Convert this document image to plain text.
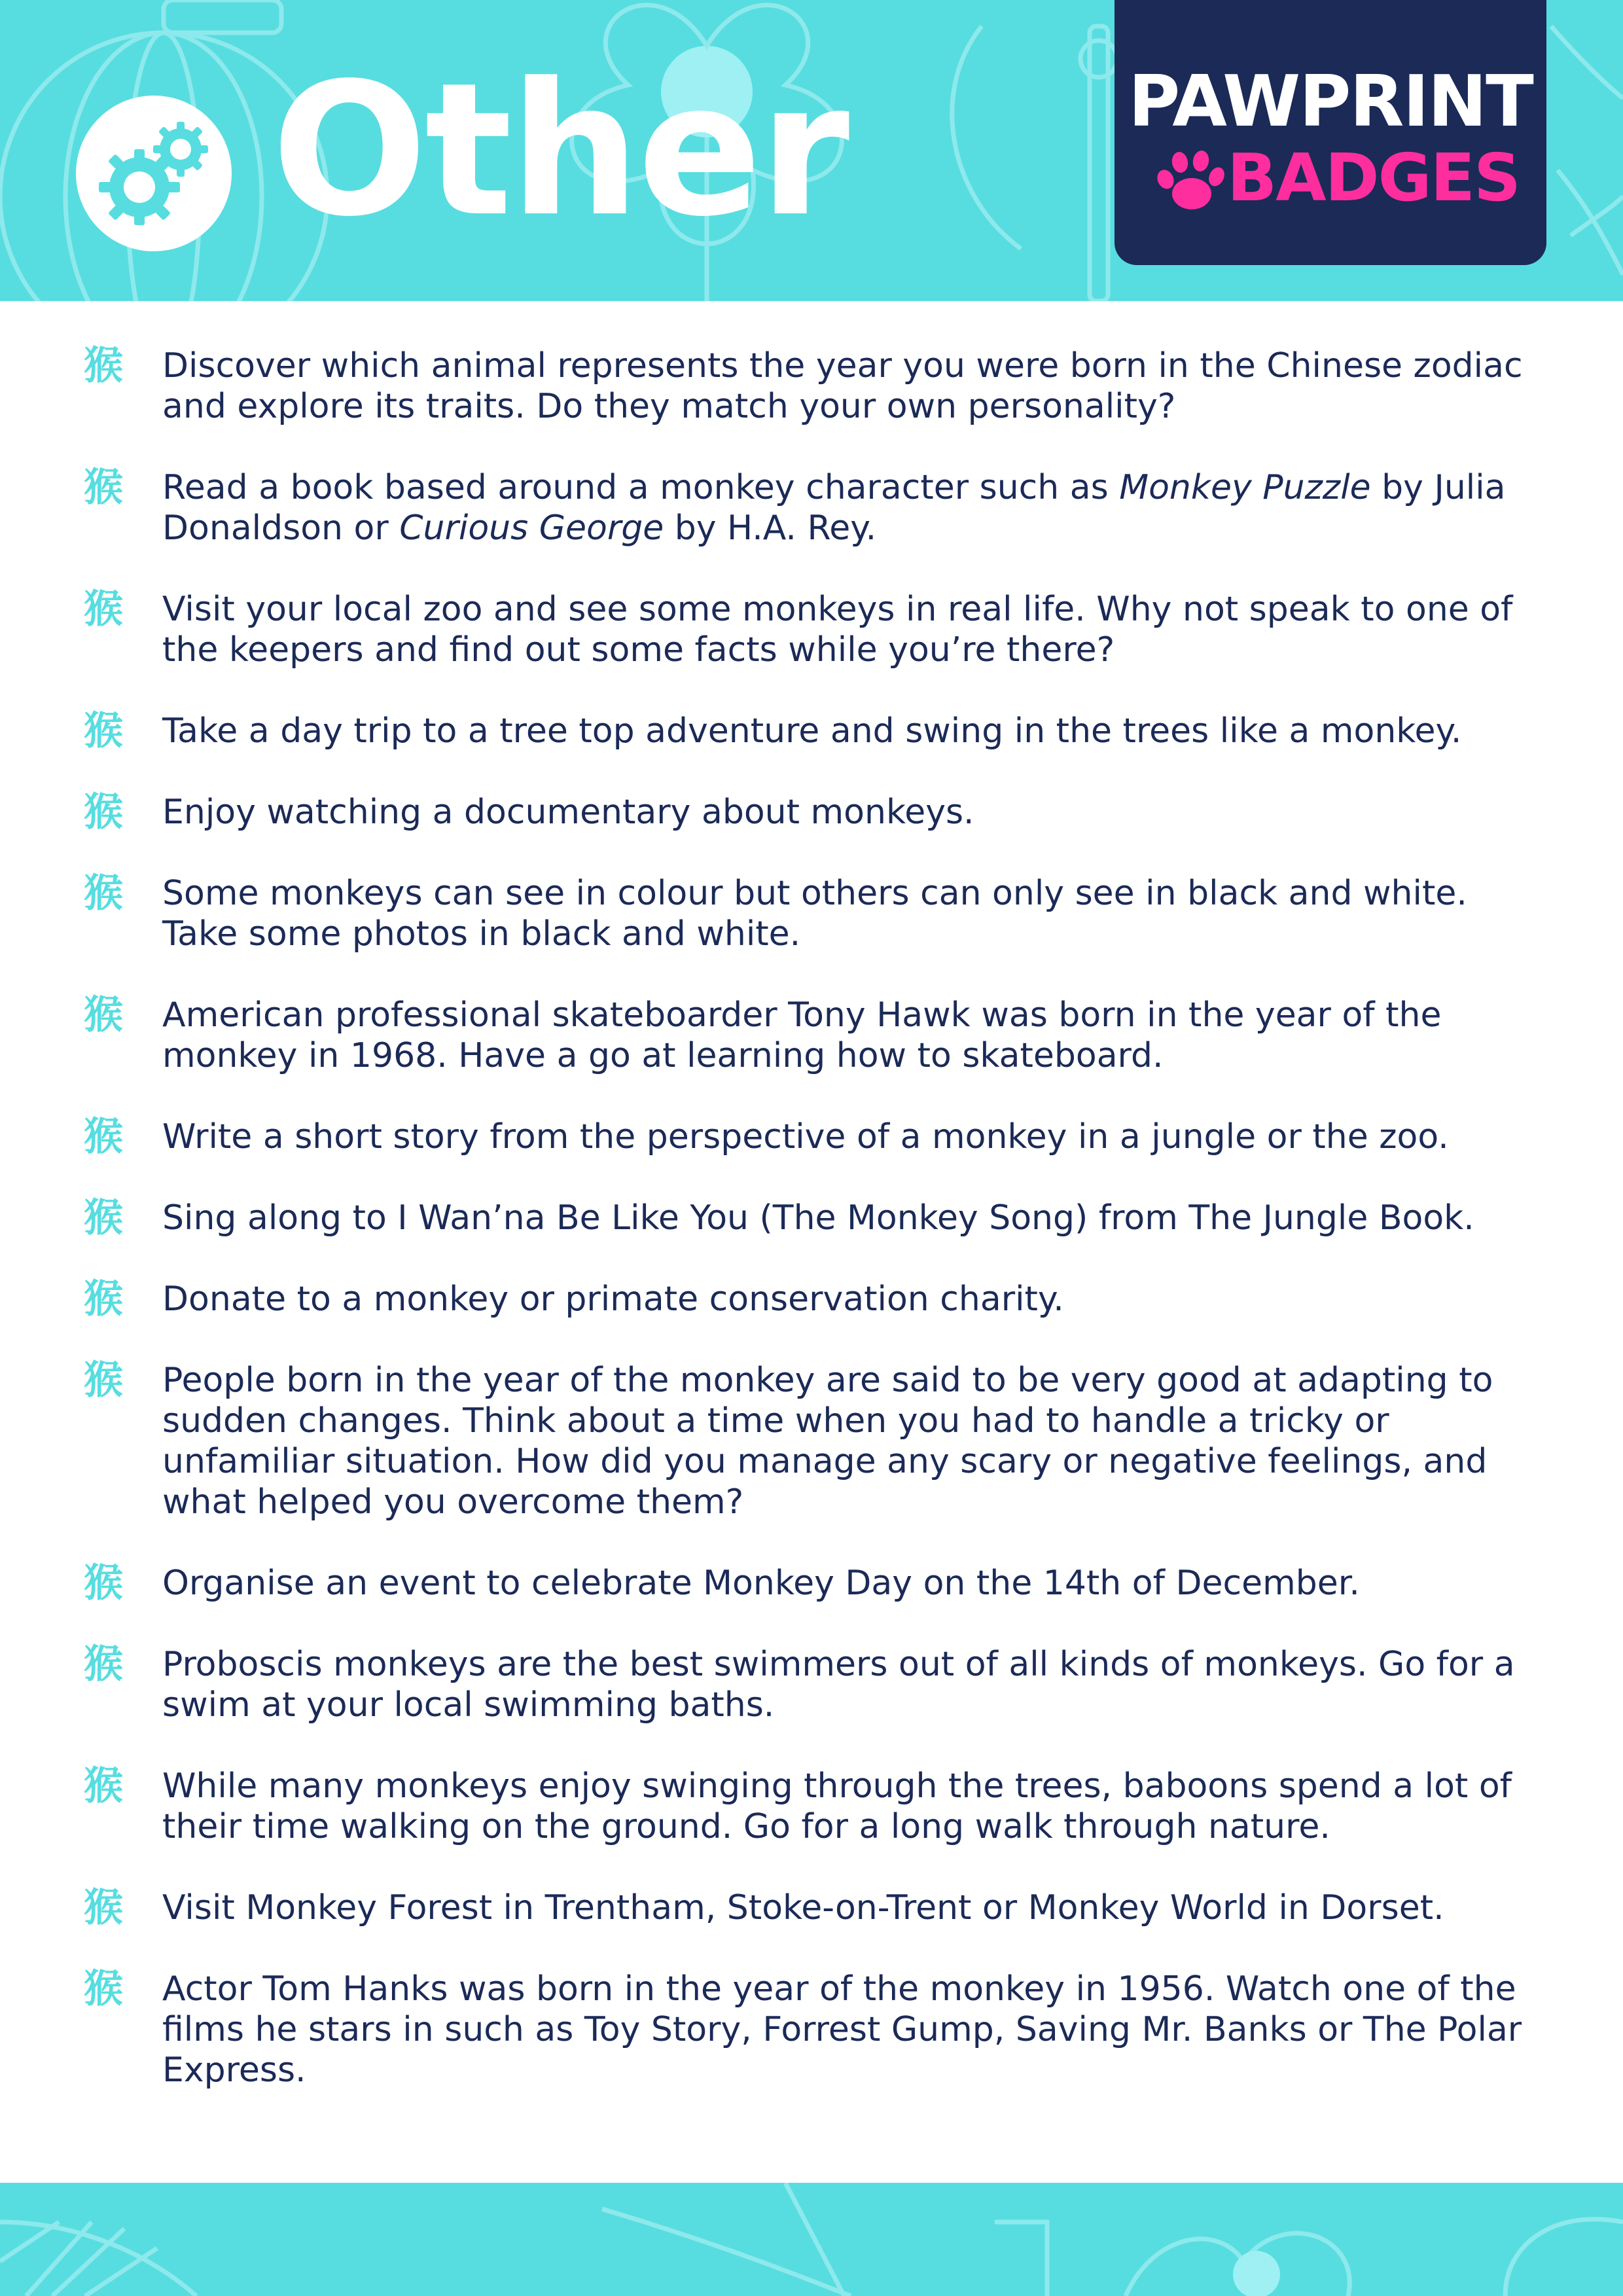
Other	PAWPRINT
BADGES
猴 Discover which animal represents the year you were born in the Chinese zodiac and explore its traits. Do they match your own personality?
猴 Read a book based around a monkey character such as Monkey Puzzle by Julia Donaldson or Curious George by H.A. Rey.
猴 Visit your local zoo and see some monkeys in real life. Why not speak to one of the keepers and find out some facts while you’re there?
猴 Take a day trip to a tree top adventure and swing in the trees like a monkey.
猴 Enjoy watching a documentary about monkeys.
猴 Some monkeys can see in colour but others can only see in black and white. Take some photos in black and white.
猴 American professional skateboarder Tony Hawk was born in the year of the monkey in 1968. Have a go at learning how to skateboard.
猴 Write a short story from the perspective of a monkey in a jungle or the zoo.
猴 Sing along to I Wan’na Be Like You (The Monkey Song) from The Jungle Book.
猴 Donate to a monkey or primate conservation charity.
猴 People born in the year of the monkey are said to be very good at adapting to sudden changes. Think about a time when you had to handle a tricky or unfamiliar situation. How did you manage any scary or negative feelings, and what helped you overcome them?
猴 Organise an event to celebrate Monkey Day on the 14th of December.
猴 Proboscis monkeys are the best swimmers out of all kinds of monkeys. Go for a swim at your local swimming baths.
猴 While many monkeys enjoy swinging through the trees, baboons spend a lot of their time walking on the ground. Go for a long walk through nature.
猴 Visit Monkey Forest in Trentham, Stoke-on-Trent or Monkey World in Dorset.
猴 Actor Tom Hanks was born in the year of the monkey in 1956. Watch one of the films he stars in such as Toy Story, Forrest Gump, Saving Mr. Banks or The Polar Express.
